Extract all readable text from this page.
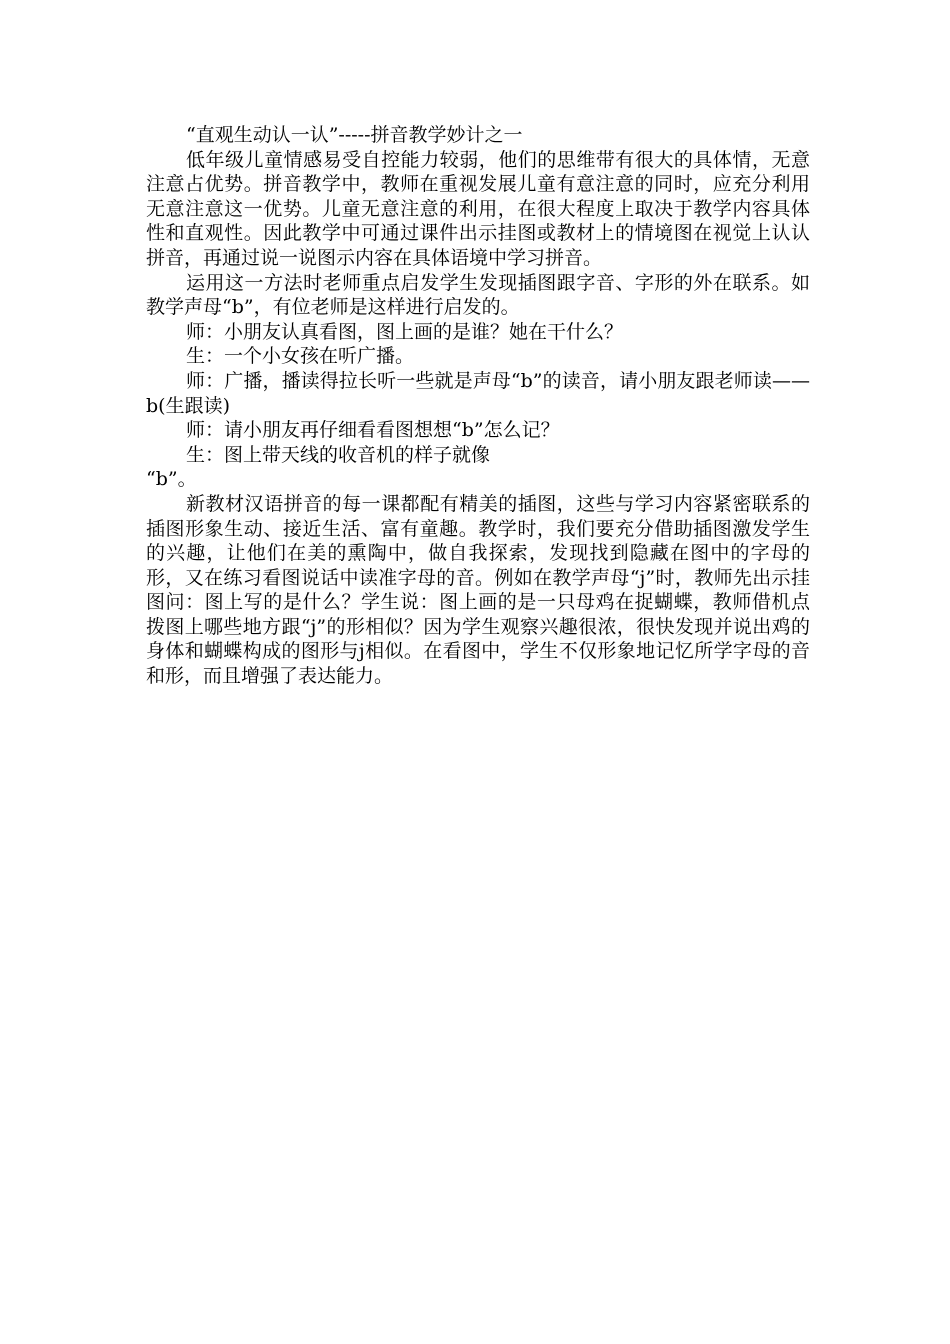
“直观生动认一认”-----拼音教学妙计之一

低年级儿童情感易受自控能力较弱，他们的思维带有很大的具体情，无意注意占优势。拼音教学中，教师在重视发展儿童有意注意的同时，应充分利用无意注意这一优势。儿童无意注意的利用，在很大程度上取决于教学内容具体性和直观性。因此教学中可通过课件出示挂图或教材上的情境图在视觉上认认拼音，再通过说一说图示内容在具体语境中学习拼音。

运用这一方法时老师重点启发学生发现插图跟字音、字形的外在联系。如教学声母“b”，有位老师是这样进行启发的。

师：小朋友认真看图，图上画的是谁？她在干什么？

生：一个小女孩在听广播。

师：广播，播读得拉长听一些就是声母“b”的读音，请小朋友跟老师读——b(生跟读)

师：请小朋友再仔细看看图想想“b”怎么记？

生：图上带天线的收音机的样子就像

“b”。

新教材汉语拼音的每一课都配有精美的插图，这些与学习内容紧密联系的插图形象生动、接近生活、富有童趣。教学时，我们要充分借助插图激发学生的兴趣，让他们在美的熏陶中，做自我探索，发现找到隐藏在图中的字母的形，又在练习看图说话中读准字母的音。例如在教学声母“j”时，教师先出示挂图问：图上写的是什么？学生说：图上画的是一只母鸡在捉蝴蝶，教师借机点拨图上哪些地方跟“j”的形相似？因为学生观察兴趣很浓，很快发现并说出鸡的身体和蝴蝶构成的图形与j相似。在看图中，学生不仅形象地记忆所学字母的音和形，而且增强了表达能力。
